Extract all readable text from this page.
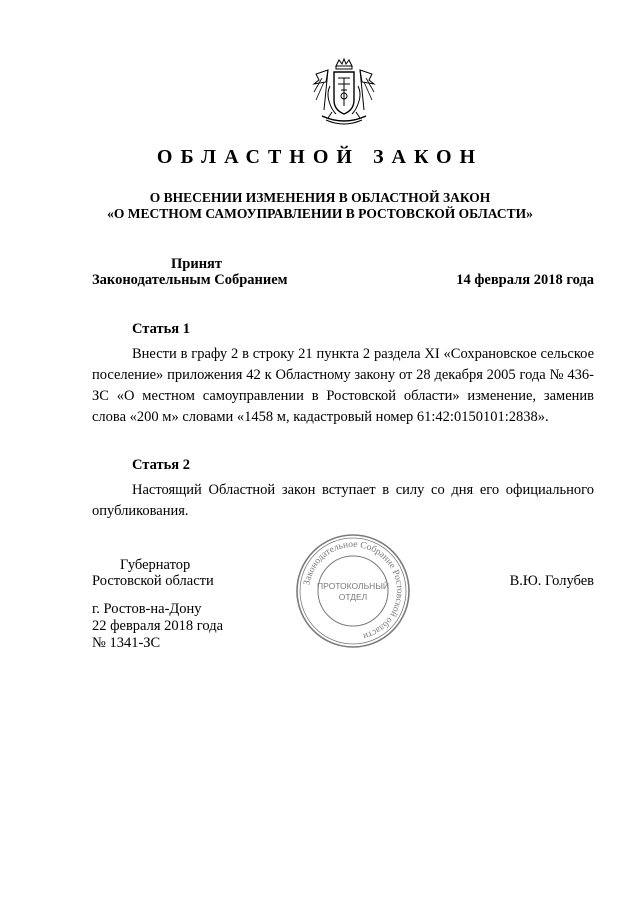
ОБЛАСТНОЙ ЗАКОН
О ВНЕСЕНИИ ИЗМЕНЕНИЯ В ОБЛАСТНОЙ ЗАКОН
«О МЕСТНОМ САМОУПРАВЛЕНИИ В РОСТОВСКОЙ ОБЛАСТИ»
Принят
Законодательным Собранием	14 февраля 2018 года
Статья 1
Внести в графу 2 в строку 21 пункта 2 раздела XI «Сохрановское сельское поселение» приложения 42 к Областному закону от 28 декабря 2005 года № 436-ЗС «О местном самоуправлении в Ростовской области» изменение, заменив слова «200 м» словами «1458 м, кадастровый номер 61:42:0150101:2838».
Статья 2
Настоящий Областной закон вступает в силу со дня его официального опубликования.
Губернатор
Ростовской области	В.Ю. Голубев
Законодательное Собрание Ростовской области
ПРОТОКОЛЬНЫЙ
ОТДЕЛ
г. Ростов-на-Дону
22 февраля 2018 года
№ 1341-ЗС
